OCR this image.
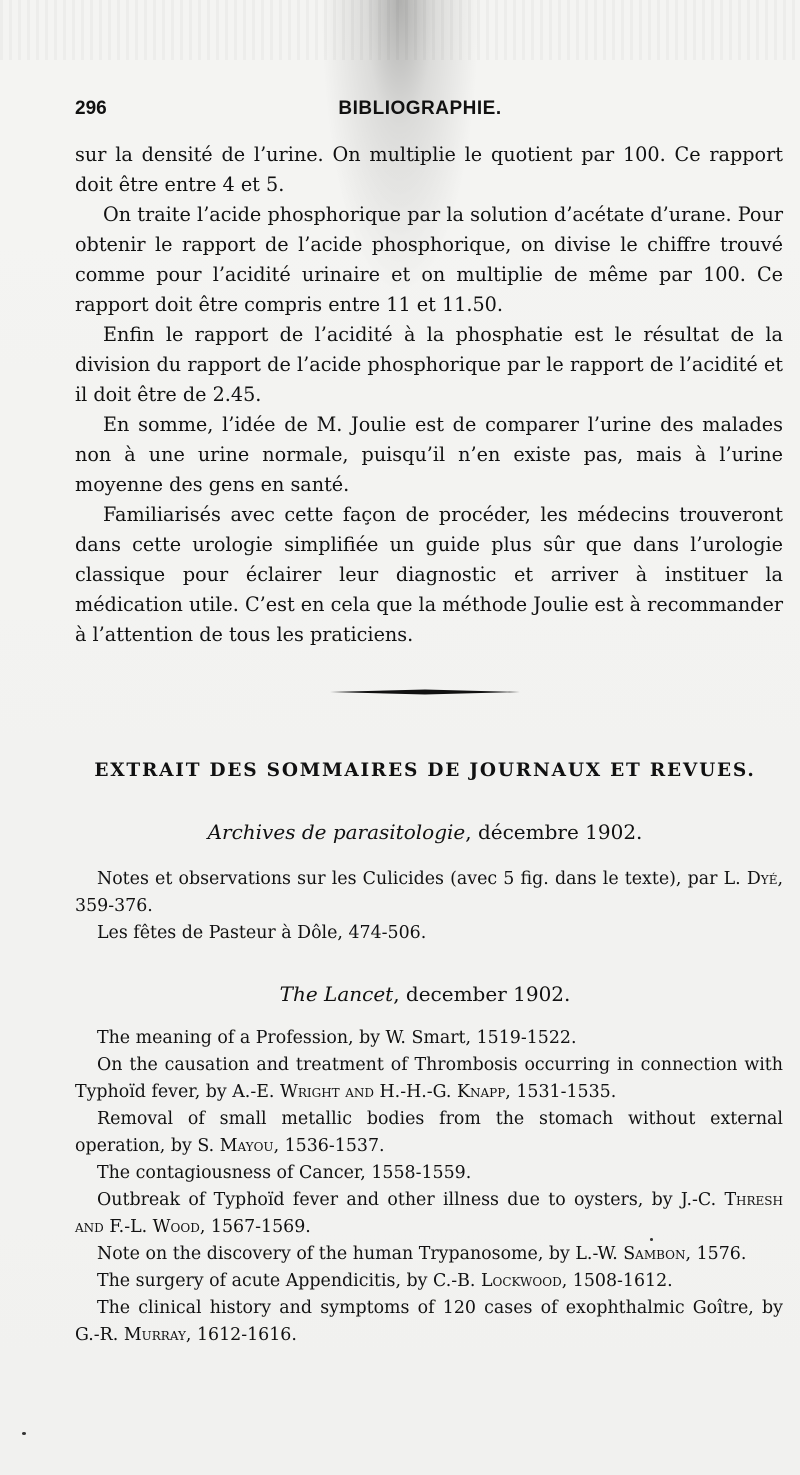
296	BIBLIOGRAPHIE.

sur la densité de l’urine. On multiplie le quotient par 100. Ce rapport doit être entre 4 et 5.

On traite l’acide phosphorique par la solution d’acétate d’urane. Pour obtenir le rapport de l’acide phosphorique, on divise le chiffre trouvé comme pour l’acidité urinaire et on multiplie de même par 100. Ce rapport doit être compris entre 11 et 11.50.

Enfin le rapport de l’acidité à la phosphatie est le résultat de la division du rapport de l’acide phosphorique par le rapport de l’acidité et il doit être de 2.45.

En somme, l’idée de M. Joulie est de comparer l’urine des malades non à une urine normale, puisqu’il n’en existe pas, mais à l’urine moyenne des gens en santé.

Familiarisés avec cette façon de procéder, les médecins trouveront dans cette urologie simplifiée un guide plus sûr que dans l’urologie classique pour éclairer leur diagnostic et arriver à instituer la médication utile. C’est en cela que la méthode Joulie est à recommander à l’attention de tous les praticiens.

EXTRAIT DES SOMMAIRES DE JOURNAUX ET REVUES.
Archives de parasitologie, décembre 1902.

Notes et observations sur les Culicides (avec 5 fig. dans le texte), par L. Dyé, 359-376.

Les fêtes de Pasteur à Dôle, 474-506.

The Lancet, december 1902.

The meaning of a Profession, by W. Smart, 1519-1522.

On the causation and treatment of Thrombosis occurring in connection with Typhoïd fever, by A.-E. Wright and H.-H.-G. Knapp, 1531-1535.

Removal of small metallic bodies from the stomach without external operation, by S. Mayou, 1536-1537.

The contagiousness of Cancer, 1558-1559.

Outbreak of Typhoïd fever and other illness due to oysters, by J.-C. Thresh and F.-L. Wood, 1567-1569.

Note on the discovery of the human Trypanosome, by L.-W. Sambon, 1576.

The surgery of acute Appendicitis, by C.-B. Lockwood, 1508-1612.

The clinical history and symptoms of 120 cases of exophthalmic Goître, by G.-R. Murray, 1612-1616.
